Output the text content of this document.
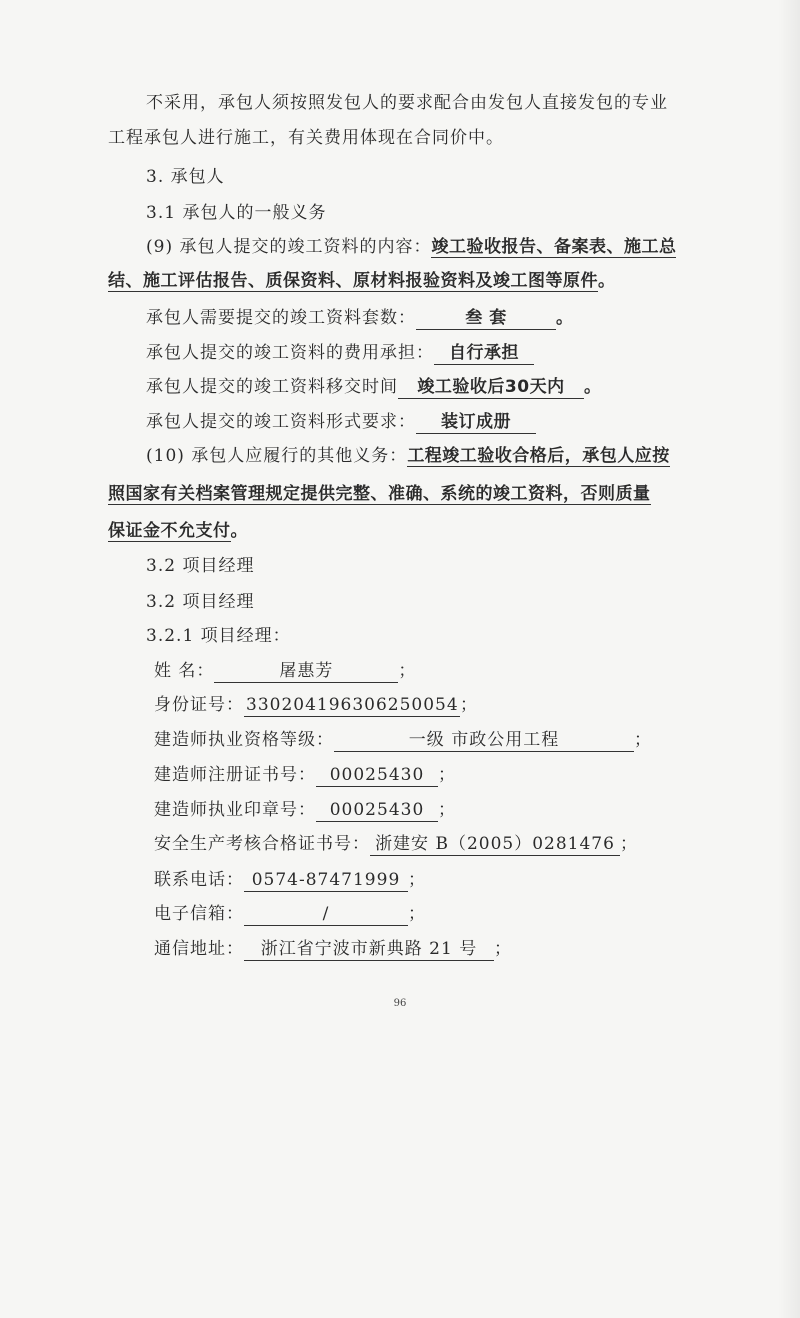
不采用，承包人须按照发包人的要求配合由发包人直接发包的专业
工程承包人进行施工，有关费用体现在合同价中。
3. 承包人
3.1 承包人的一般义务
(9) 承包人提交的竣工资料的内容：竣工验收报告、备案表、施工总
结、施工评估报告、质保资料、原材料报验资料及竣工图等原件。
承包人需要提交的竣工资料套数：	叁 套	。
承包人提交的竣工资料的费用承担： 自行承担
承包人提交的竣工资料移交时间 竣工验收后30天内 。
承包人提交的竣工资料形式要求： 装订成册
(10) 承包人应履行的其他义务：工程竣工验收合格后，承包人应按
照国家有关档案管理规定提供完整、准确、系统的竣工资料，否则质量
保证金不允支付。
3.2 项目经理
3.2 项目经理
3.2.1 项目经理：
姓 名：	屠惠芳	；
身份证号： 330204196306250054；
建造师执业资格等级：	一级 市政公用工程	；
建造师注册证书号： 00025430 ；
建造师执业印章号： 00025430 ；
安全生产考核合格证书号： 浙建安 B（2005）0281476 ；
联系电话： 0574-87471999 ；
电子信箱：	/	；
通信地址： 浙江省宁波市新典路 21 号 ；
96
